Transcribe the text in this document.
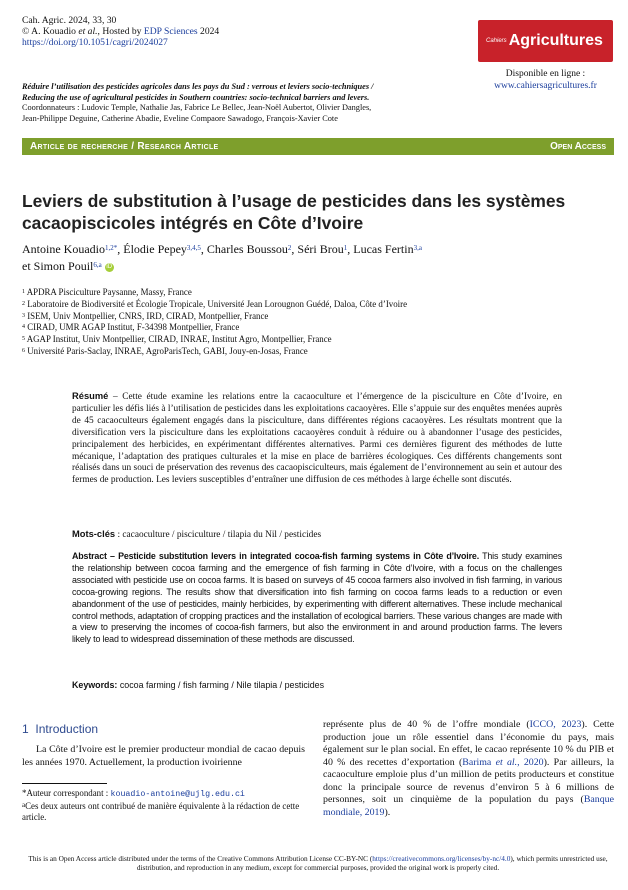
Cah. Agric. 2024, 33, 30
© A. Kouadio et al., Hosted by EDP Sciences 2024
https://doi.org/10.1051/cagri/2024027	Cahiers Agricultures
Disponible en ligne :
www.cahiersagricultures.fr
Réduire l’utilisation des pesticides agricoles dans les pays du Sud : verrous et leviers socio-techniques /
Reducing the use of agricultural pesticides in Southern countries: socio-technical barriers and levers.
Coordonnateurs : Ludovic Temple, Nathalie Jas, Fabrice Le Bellec, Jean-Noël Aubertot, Olivier Dangles,
Jean-Philippe Deguine, Catherine Abadie, Eveline Compaore Sawadogo, François-Xavier Cote
Article de recherche / Research Article	Open Access
Leviers de substitution à l’usage de pesticides dans les systèmes cacaopiscicoles intégrés en Côte d’Ivoire
Antoine Kouadio$^{1,2*}$, Élodie Pepey$^{3,4,5}$, Charles Boussou$^2$, Séri Brou$^1$, Lucas Fertin$^{3,a}$
et Simon Pouil$^{6,a}$ iD
$^1$ APDRA Pisciculture Paysanne, Massy, France
$^2$ Laboratoire de Biodiversité et Écologie Tropicale, Université Jean Lorougnon Guédé, Daloa, Côte d’Ivoire
$^3$ ISEM, Univ Montpellier, CNRS, IRD, CIRAD, Montpellier, France
$^4$ CIRAD, UMR AGAP Institut, F-34398 Montpellier, France
$^5$ AGAP Institut, Univ Montpellier, CIRAD, INRAE, Institut Agro, Montpellier, France
$^6$ Université Paris-Saclay, INRAE, AgroParisTech, GABI, Jouy-en-Josas, France
Résumé – Cette étude examine les relations entre la cacaoculture et l’émergence de la pisciculture en Côte d’Ivoire, en particulier les défis liés à l’utilisation de pesticides dans les exploitations cacaoyères. Elle s’appuie sur des enquêtes menées auprès de 45 cacaoculteurs également engagés dans la pisciculture, dans différentes régions cacaoyères. Les résultats montrent que la diversification vers la pisciculture dans les exploitations cacaoyères conduit à réduire ou à abandonner l’usage des pesticides, principalement des herbicides, en expérimentant différentes alternatives. Parmi ces dernières figurent des méthodes de lutte mécanique, l’adaptation des pratiques culturales et la mise en place de barrières écologiques. Ces différents changements sont réalisés dans un souci de préservation des revenus des cacaopisciculteurs, mais également de l’environnement au sein et autour des fermes de production. Les leviers susceptibles d’entraîner une diffusion de ces méthodes à large échelle sont discutés.
Mots-clés : cacaoculture / pisciculture / tilapia du Nil / pesticides
Abstract – Pesticide substitution levers in integrated cocoa-fish farming systems in Côte d’Ivoire. This study examines the relationship between cocoa farming and the emergence of fish farming in Côte d’Ivoire, with a focus on the challenges associated with pesticide use on cocoa farms. It is based on surveys of 45 cocoa farmers also involved in fish farming, in various cocoa-growing regions. The results show that diversification into fish farming on cocoa farms leads to a reduction or even abandonment of the use of pesticides, mainly herbicides, by experimenting with different alternatives. These include mechanical control methods, adaptation of cropping practices and the installation of ecological barriers. These various changes are made with a view to preserving the incomes of cocoa-fish farmers, but also the environment in and around production farms. The levers likely to lead to widespread dissemination of these methods are discussed.
Keywords: cocoa farming / fish farming / Nile tilapia / pesticides
1 Introduction
La Côte d’Ivoire est le premier producteur mondial de cacao depuis les années 1970. Actuellement, la production ivoirienne
*Auteur correspondant : kouadio-antoine@ujlg.edu.ci
$^a$Ces deux auteurs ont contribué de manière équivalente à la rédaction de cette article.
représente plus de 40 % de l’offre mondiale (ICCO, 2023). Cette production joue un rôle essentiel dans l’économie du pays, mais également sur le plan social. En effet, le cacao représente 10 % du PIB et 40 % des recettes d’exportation (Barima et al., 2020). Par ailleurs, la cacaoculture emploie plus d’un million de petits producteurs et constitue donc la principale source de revenus d’environ 5 à 6 millions de personnes, soit un cinquième de la population du pays (Banque mondiale, 2019).
This is an Open Access article distributed under the terms of the Creative Commons Attribution License CC-BY-NC (https://creativecommons.org/licenses/by-nc/4.0), which permits unrestricted use, distribution, and reproduction in any medium, except for commercial purposes, provided the original work is properly cited.
